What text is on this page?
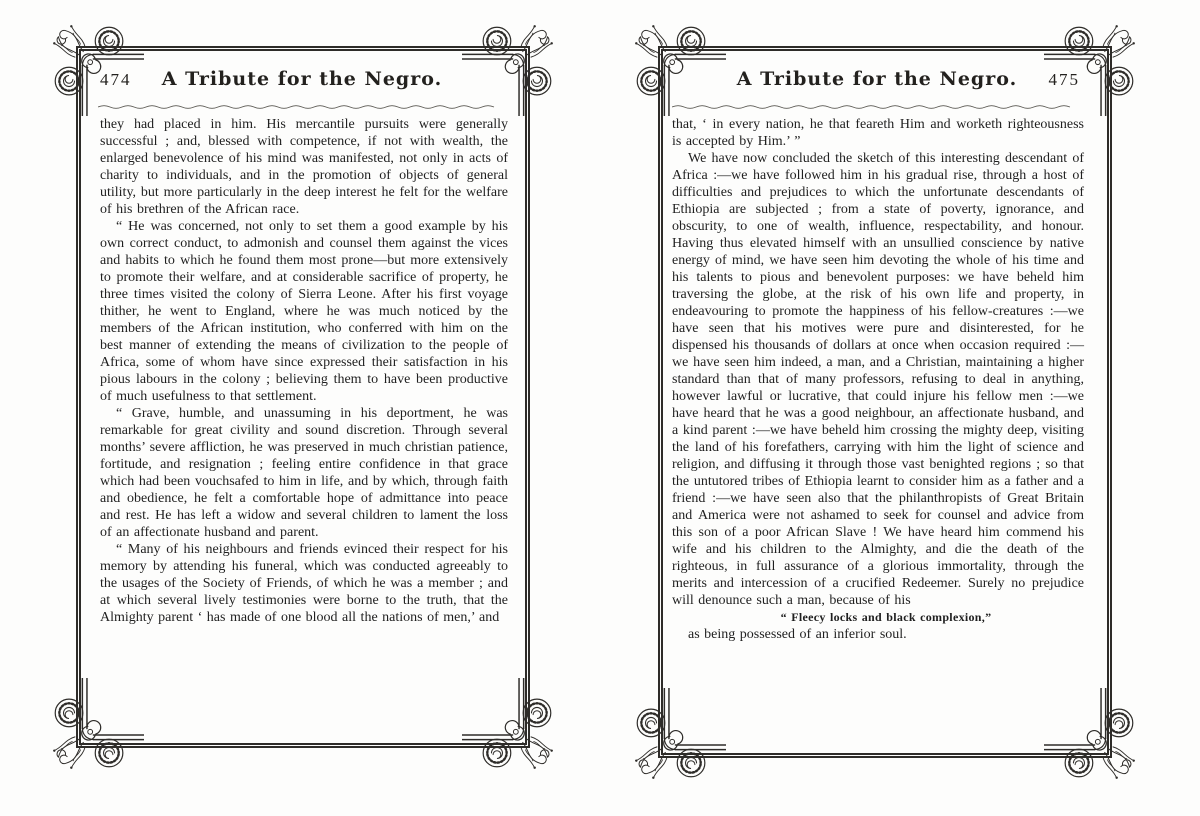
474	A Tribute for the Negro.

they had placed in him. His mercantile pursuits were generally successful ; and, blessed with competence, if not with wealth, the enlarged benevolence of his mind was manifested, not only in acts of charity to individuals, and in the promotion of objects of general utility, but more particularly in the deep interest he felt for the welfare of his brethren of the African race.

“ He was concerned, not only to set them a good example by his own correct conduct, to admonish and counsel them against the vices and habits to which he found them most prone—but more extensively to promote their welfare, and at considerable sacrifice of property, he three times visited the colony of Sierra Leone. After his first voyage thither, he went to England, where he was much noticed by the members of the African institution, who conferred with him on the best manner of extending the means of civilization to the people of Africa, some of whom have since expressed their satisfaction in his pious labours in the colony ; believing them to have been productive of much usefulness to that settlement.

“ Grave, humble, and unassuming in his deportment, he was remarkable for great civility and sound discretion. Through several months’ severe affliction, he was preserved in much christian patience, fortitude, and resignation ; feeling entire confidence in that grace which had been vouchsafed to him in life, and by which, through faith and obedience, he felt a comfortable hope of admittance into peace and rest. He has left a widow and several children to lament the loss of an affectionate husband and parent.

“ Many of his neighbours and friends evinced their respect for his memory by attending his funeral, which was conducted agreeably to the usages of the Society of Friends, of which he was a member ; and at which several lively testimonies were borne to the truth, that the Almighty parent ‘ has made of one blood all the nations of men,’ and

A Tribute for the Negro.	475

that, ‘ in every nation, he that feareth Him and worketh righteousness is accepted by Him.’ ”

We have now concluded the sketch of this interesting descendant of Africa :—we have followed him in his gradual rise, through a host of difficulties and prejudices to which the unfortunate descendants of Ethiopia are subjected ; from a state of poverty, ignorance, and obscurity, to one of wealth, influence, respectability, and honour. Having thus elevated himself with an unsullied conscience by native energy of mind, we have seen him devoting the whole of his time and his talents to pious and benevolent purposes: we have beheld him traversing the globe, at the risk of his own life and property, in endeavouring to promote the happiness of his fellow-creatures :—we have seen that his motives were pure and disinterested, for he dispensed his thousands of dollars at once when occasion required :—we have seen him indeed, a man, and a Christian, maintaining a higher standard than that of many professors, refusing to deal in anything, however lawful or lucrative, that could injure his fellow men :—we have heard that he was a good neighbour, an affectionate husband, and a kind parent :—we have beheld him crossing the mighty deep, visiting the land of his forefathers, carrying with him the light of science and religion, and diffusing it through those vast benighted regions ; so that the untutored tribes of Ethiopia learnt to consider him as a father and a friend :—we have seen also that the philanthropists of Great Britain and America were not ashamed to seek for counsel and advice from this son of a poor African Slave ! We have heard him commend his wife and his children to the Almighty, and die the death of the righteous, in full assurance of a glorious immortality, through the merits and intercession of a crucified Redeemer. Surely no prejudice will denounce such a man, because of his

“ Fleecy locks and black complexion,”

as being possessed of an inferior soul.
